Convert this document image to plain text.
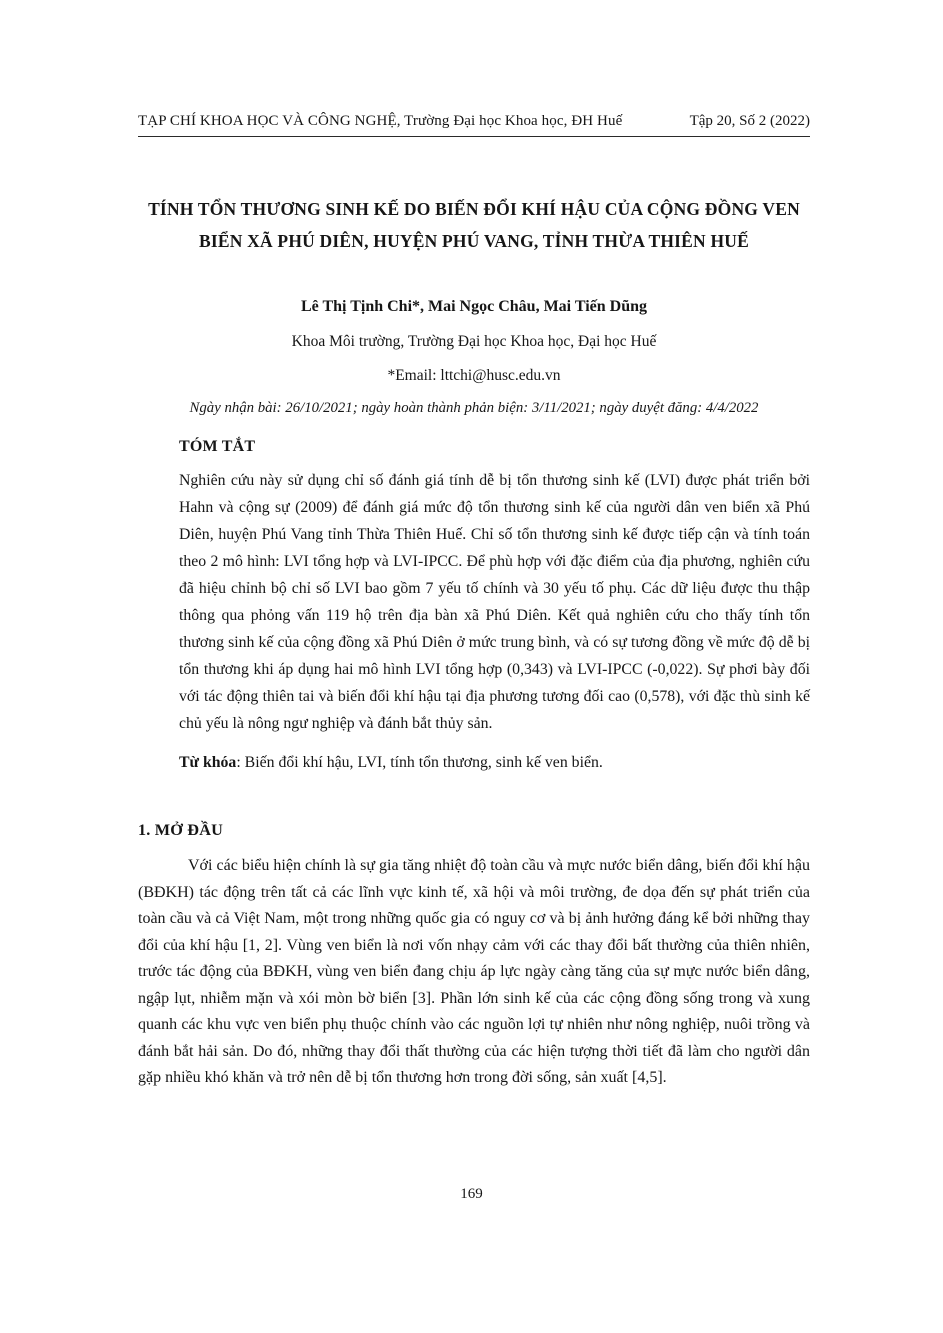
TẠP CHÍ KHOA HỌC VÀ CÔNG NGHỆ, Trường Đại học Khoa học, ĐH Huế	Tập 20, Số 2 (2022)
TÍNH TỔN THƯƠNG SINH KẾ DO BIẾN ĐỔI KHÍ HẬU CỦA CỘNG ĐỒNG VEN BIỂN XÃ PHÚ DIÊN, HUYỆN PHÚ VANG, TỈNH THỪA THIÊN HUẾ

Lê Thị Tịnh Chi*, Mai Ngọc Châu, Mai Tiến Dũng

Khoa Môi trường, Trường Đại học Khoa học, Đại học Huế

*Email: lttchi@husc.edu.vn

Ngày nhận bài: 26/10/2021; ngày hoàn thành phản biện: 3/11/2021; ngày duyệt đăng: 4/4/2022

TÓM TẮT

Nghiên cứu này sử dụng chỉ số đánh giá tính dễ bị tổn thương sinh kế (LVI) được phát triển bởi Hahn và cộng sự (2009) để đánh giá mức độ tổn thương sinh kế của người dân ven biển xã Phú Diên, huyện Phú Vang tỉnh Thừa Thiên Huế. Chỉ số tổn thương sinh kế được tiếp cận và tính toán theo 2 mô hình: LVI tổng hợp và LVI-IPCC. Để phù hợp với đặc điểm của địa phương, nghiên cứu đã hiệu chỉnh bộ chỉ số LVI bao gồm 7 yếu tố chính và 30 yếu tố phụ. Các dữ liệu được thu thập thông qua phỏng vấn 119 hộ trên địa bàn xã Phú Diên. Kết quả nghiên cứu cho thấy tính tổn thương sinh kế của cộng đồng xã Phú Diên ở mức trung bình, và có sự tương đồng về mức độ dễ bị tổn thương khi áp dụng hai mô hình LVI tổng hợp (0,343) và LVI-IPCC (-0,022). Sự phơi bày đối với tác động thiên tai và biến đổi khí hậu tại địa phương tương đối cao (0,578), với đặc thù sinh kế chủ yếu là nông ngư nghiệp và đánh bắt thủy sản.

Từ khóa: Biến đổi khí hậu, LVI, tính tổn thương, sinh kế ven biển.

1. MỞ ĐẦU

Với các biểu hiện chính là sự gia tăng nhiệt độ toàn cầu và mực nước biển dâng, biến đổi khí hậu (BĐKH) tác động trên tất cả các lĩnh vực kinh tế, xã hội và môi trường, đe dọa đến sự phát triển của toàn cầu và cả Việt Nam, một trong những quốc gia có nguy cơ và bị ảnh hưởng đáng kể bởi những thay đổi của khí hậu [1, 2]. Vùng ven biển là nơi vốn nhạy cảm với các thay đổi bất thường của thiên nhiên, trước tác động của BĐKH, vùng ven biển đang chịu áp lực ngày càng tăng của sự mực nước biển dâng, ngập lụt, nhiễm mặn và xói mòn bờ biển [3]. Phần lớn sinh kế của các cộng đồng sống trong và xung quanh các khu vực ven biển phụ thuộc chính vào các nguồn lợi tự nhiên như nông nghiệp, nuôi trồng và đánh bắt hải sản. Do đó, những thay đổi thất thường của các hiện tượng thời tiết đã làm cho người dân gặp nhiều khó khăn và trở nên dễ bị tổn thương hơn trong đời sống, sản xuất [4,5].

169
